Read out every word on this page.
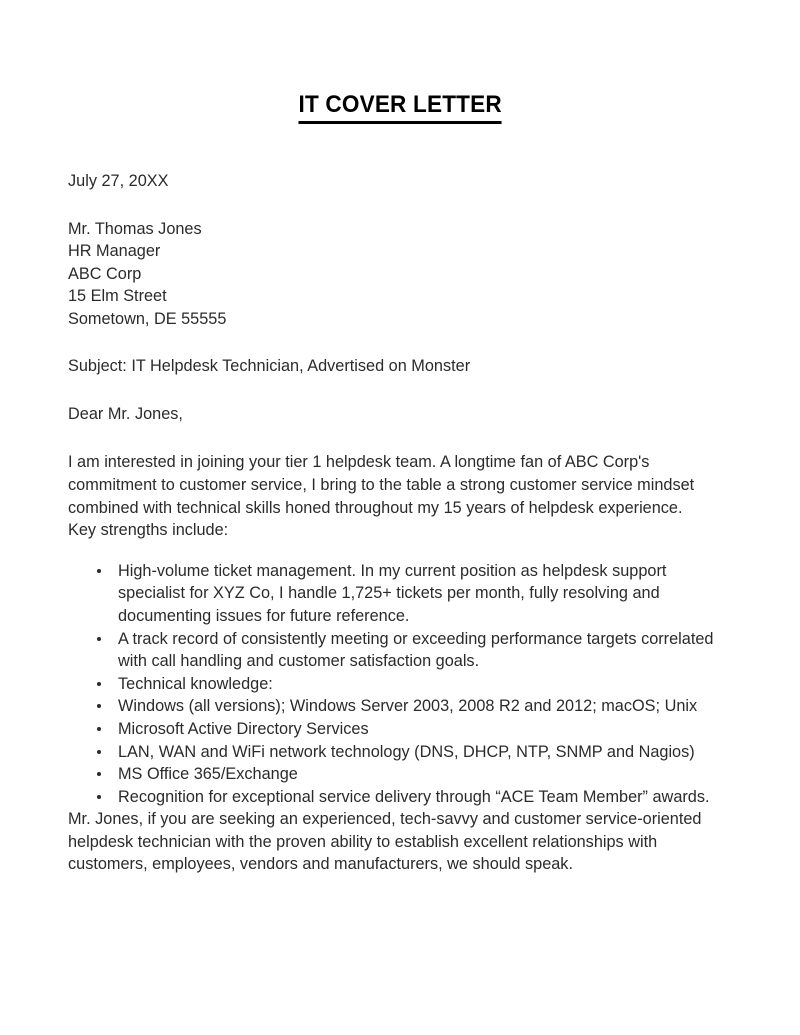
IT COVER LETTER
July 27, 20XX
Mr. Thomas Jones
HR Manager
ABC Corp
15 Elm Street
Sometown, DE 55555
Subject: IT Helpdesk Technician, Advertised on Monster
Dear Mr. Jones,
I am interested in joining your tier 1 helpdesk team. A longtime fan of ABC Corp's commitment to customer service, I bring to the table a strong customer service mindset combined with technical skills honed throughout my 15 years of helpdesk experience.
Key strengths include:
High-volume ticket management. In my current position as helpdesk support specialist for XYZ Co, I handle 1,725+ tickets per month, fully resolving and documenting issues for future reference.
A track record of consistently meeting or exceeding performance targets correlated with call handling and customer satisfaction goals.
Technical knowledge:
Windows (all versions); Windows Server 2003, 2008 R2 and 2012; macOS; Unix
Microsoft Active Directory Services
LAN, WAN and WiFi network technology (DNS, DHCP, NTP, SNMP and Nagios)
MS Office 365/Exchange
Recognition for exceptional service delivery through “ACE Team Member” awards.
Mr. Jones, if you are seeking an experienced, tech-savvy and customer service-oriented helpdesk technician with the proven ability to establish excellent relationships with customers, employees, vendors and manufacturers, we should speak.
